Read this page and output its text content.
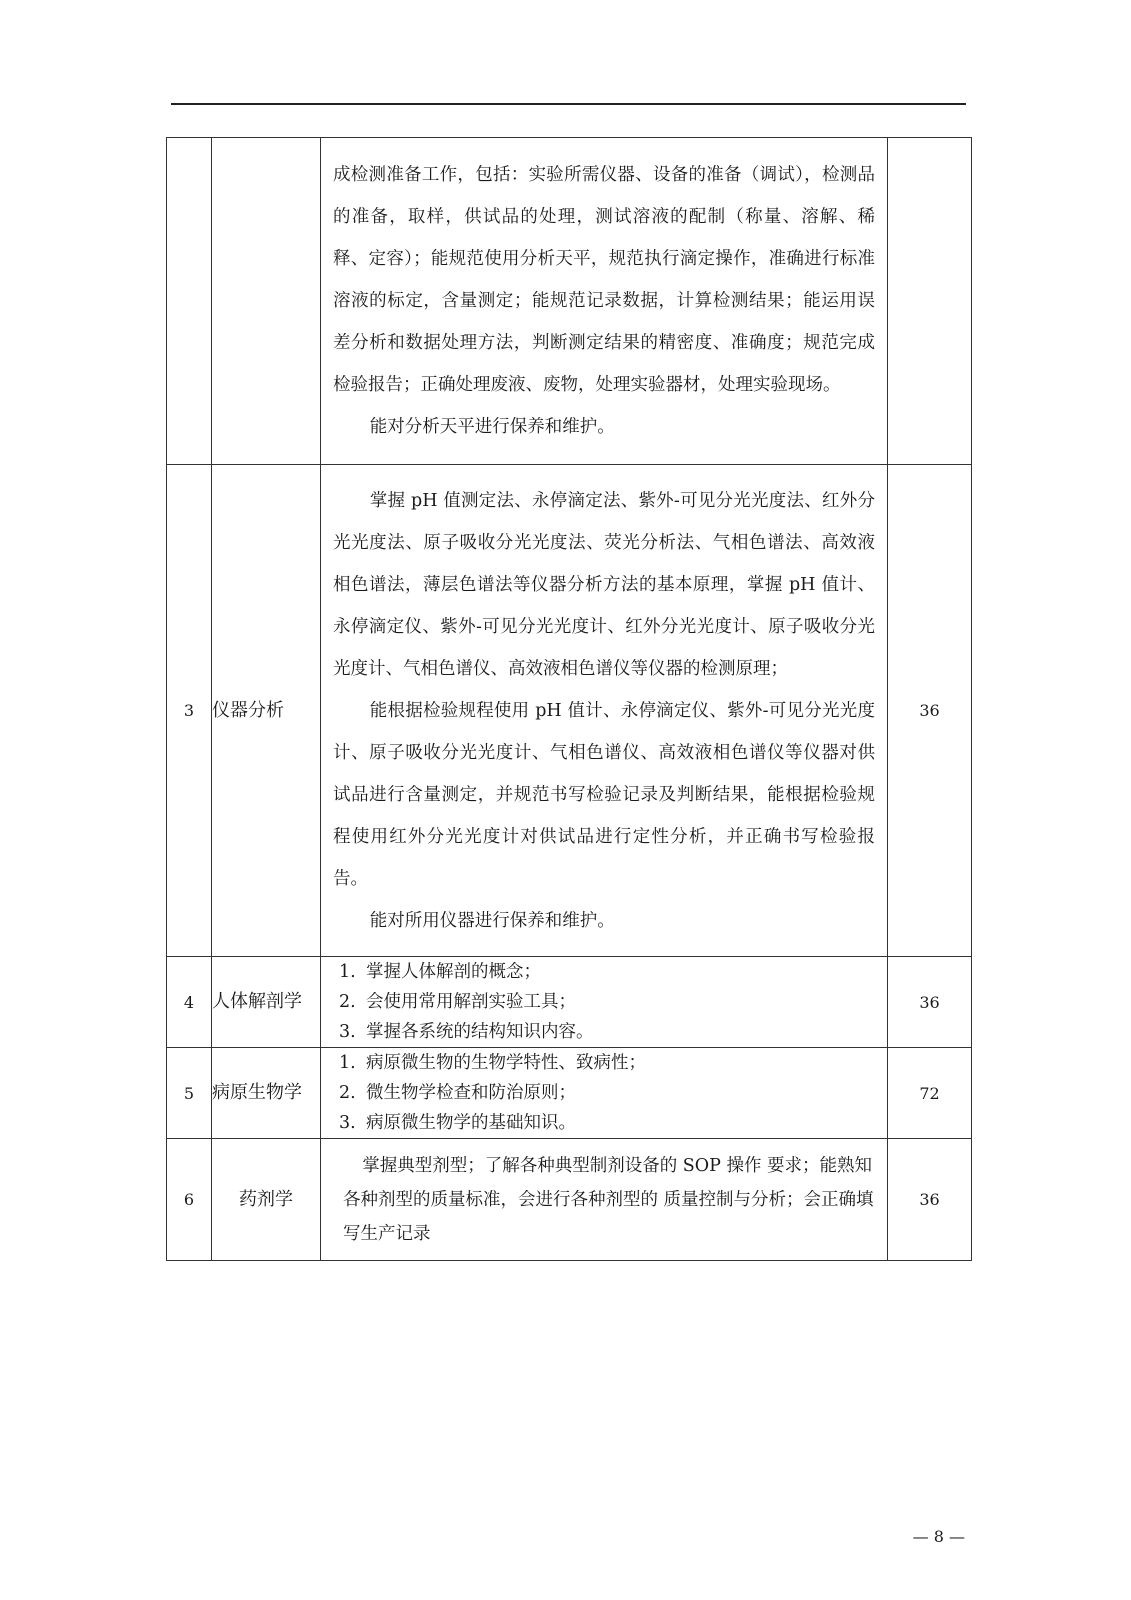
		成检测准备工作，包括：实验所需仪器、设备的准备（调试），检测品的准备，取样，供试品的处理，测试溶液的配制（称量、溶解、稀释、定容）；能规范使用分析天平，规范执行滴定操作，准确进行标准溶液的标定，含量测定；能规范记录数据，计算检测结果；能运用误差分析和数据处理方法，判断测定结果的精密度、准确度；规范完成检验报告；正确处理废液、废物，处理实验器材，处理实验现场。
能对分析天平进行保养和维护。	

3	仪器分析	掌握 pH 值测定法、永停滴定法、紫外-可见分光光度法、红外分光光度法、原子吸收分光光度法、荧光分析法、气相色谱法、高效液相色谱法，薄层色谱法等仪器分析方法的基本原理，掌握 pH 值计、永停滴定仪、紫外-可见分光光度计、红外分光光度计、原子吸收分光光度计、气相色谱仪、高效液相色谱仪等仪器的检测原理；
能根据检验规程使用 pH 值计、永停滴定仪、紫外-可见分光光度计、原子吸收分光光度计、气相色谱仪、高效液相色谱仪等仪器对供试品进行含量测定，并规范书写检验记录及判断结果，能根据检验规程使用红外分光光度计对供试品进行定性分析，并正确书写检验报告。
能对所用仪器进行保养和维护。	36
4	人体解剖学	1. 掌握人体解剖的概念；
2. 会使用常用解剖实验工具；
3. 掌握各系统的结构知识内容。	36
5	病原生物学	1. 病原微生物的生物学特性、致病性；
2. 微生物学检查和防治原则；
3. 病原微生物学的基础知识。	72
6	药剂学	掌握典型剂型；了解各种典型制剂设备的 SOP 操作 要求；能熟知各种剂型的质量标准，会进行各种剂型的 质量控制与分析；会正确填写生产记录	36
— 8 —
